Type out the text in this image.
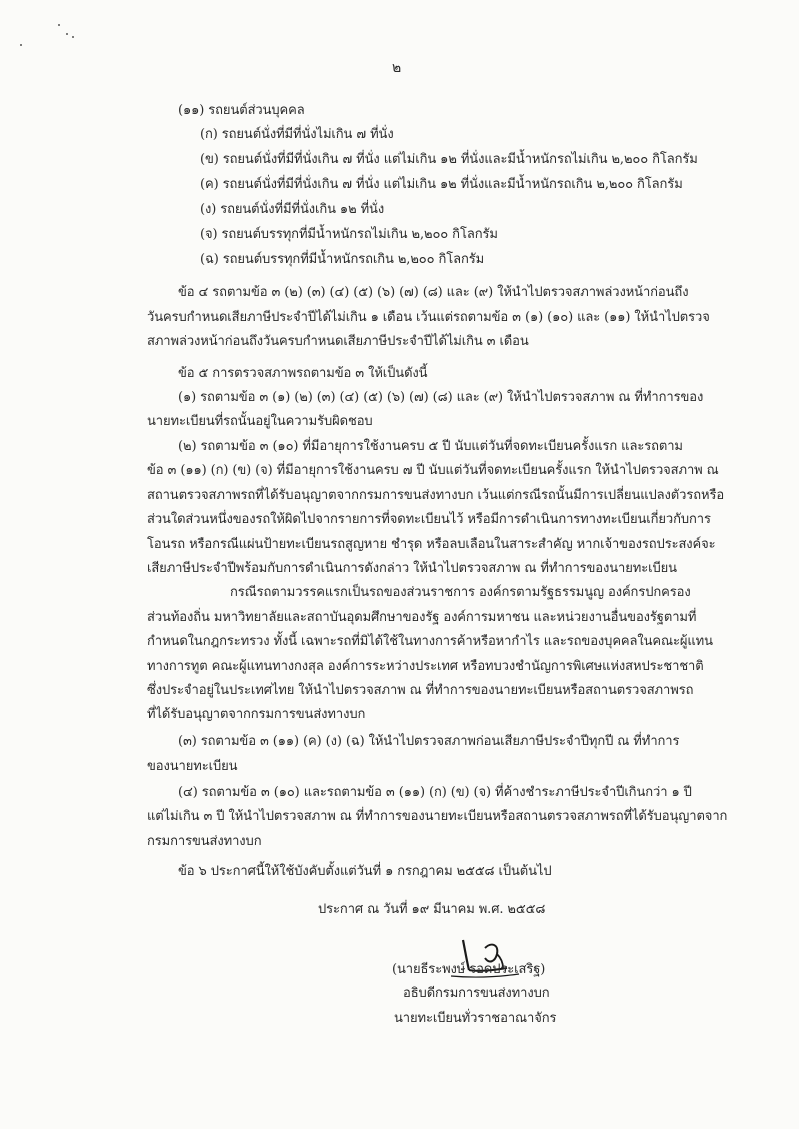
๒
(๑๑) รถยนต์ส่วนบุคคล
(ก) รถยนต์นั่งที่มีที่นั่งไม่เกิน ๗ ที่นั่ง
(ข) รถยนต์นั่งที่มีที่นั่งเกิน ๗ ที่นั่ง แต่ไม่เกิน ๑๒ ที่นั่งและมีน้ำหนักรถไม่เกิน ๒,๒๐๐ กิโลกรัม
(ค) รถยนต์นั่งที่มีที่นั่งเกิน ๗ ที่นั่ง แต่ไม่เกิน ๑๒ ที่นั่งและมีน้ำหนักรถเกิน ๒,๒๐๐ กิโลกรัม
(ง) รถยนต์นั่งที่มีที่นั่งเกิน ๑๒ ที่นั่ง
(จ) รถยนต์บรรทุกที่มีน้ำหนักรถไม่เกิน ๒,๒๐๐ กิโลกรัม
(ฉ) รถยนต์บรรทุกที่มีน้ำหนักรถเกิน ๒,๒๐๐ กิโลกรัม
ข้อ ๔ รถตามข้อ ๓ (๒) (๓) (๔) (๕) (๖) (๗) (๘) และ (๙) ให้นำไปตรวจสภาพล่วงหน้าก่อนถึง
วันครบกำหนดเสียภาษีประจำปีได้ไม่เกิน ๑ เดือน เว้นแต่รถตามข้อ ๓ (๑) (๑๐) และ (๑๑) ให้นำไปตรวจ
สภาพล่วงหน้าก่อนถึงวันครบกำหนดเสียภาษีประจำปีได้ไม่เกิน ๓ เดือน
ข้อ ๕ การตรวจสภาพรถตามข้อ ๓ ให้เป็นดังนี้
(๑) รถตามข้อ ๓ (๑) (๒) (๓) (๔) (๕) (๖) (๗) (๘) และ (๙) ให้นำไปตรวจสภาพ ณ ที่ทำการของ
นายทะเบียนที่รถนั้นอยู่ในความรับผิดชอบ
(๒) รถตามข้อ ๓ (๑๐) ที่มีอายุการใช้งานครบ ๕ ปี นับแต่วันที่จดทะเบียนครั้งแรก และรถตาม
ข้อ ๓ (๑๑) (ก) (ข) (จ) ที่มีอายุการใช้งานครบ ๗ ปี นับแต่วันที่จดทะเบียนครั้งแรก ให้นำไปตรวจสภาพ ณ
สถานตรวจสภาพรถที่ได้รับอนุญาตจากกรมการขนส่งทางบก เว้นแต่กรณีรถนั้นมีการเปลี่ยนแปลงตัวรถหรือ
ส่วนใดส่วนหนึ่งของรถให้ผิดไปจากรายการที่จดทะเบียนไว้ หรือมีการดำเนินการทางทะเบียนเกี่ยวกับการ
โอนรถ หรือกรณีแผ่นป้ายทะเบียนรถสูญหาย ชำรุด หรือลบเลือนในสาระสำคัญ หากเจ้าของรถประสงค์จะ
เสียภาษีประจำปีพร้อมกับการดำเนินการดังกล่าว ให้นำไปตรวจสภาพ ณ ที่ทำการของนายทะเบียน
กรณีรถตามวรรคแรกเป็นรถของส่วนราชการ องค์กรตามรัฐธรรมนูญ องค์กรปกครอง
ส่วนท้องถิ่น มหาวิทยาลัยและสถาบันอุดมศึกษาของรัฐ องค์การมหาชน และหน่วยงานอื่นของรัฐตามที่
กำหนดในกฎกระทรวง ทั้งนี้ เฉพาะรถที่มิได้ใช้ในทางการค้าหรือหากำไร และรถของบุคคลในคณะผู้แทน
ทางการทูต คณะผู้แทนทางกงสุล องค์การระหว่างประเทศ หรือทบวงชำนัญการพิเศษแห่งสหประชาชาติ
ซึ่งประจำอยู่ในประเทศไทย ให้นำไปตรวจสภาพ ณ ที่ทำการของนายทะเบียนหรือสถานตรวจสภาพรถ
ที่ได้รับอนุญาตจากกรมการขนส่งทางบก
(๓) รถตามข้อ ๓ (๑๑) (ค) (ง) (ฉ) ให้นำไปตรวจสภาพก่อนเสียภาษีประจำปีทุกปี ณ ที่ทำการ
ของนายทะเบียน
(๔) รถตามข้อ ๓ (๑๐) และรถตามข้อ ๓ (๑๑) (ก) (ข) (จ) ที่ค้างชำระภาษีประจำปีเกินกว่า ๑ ปี
แต่ไม่เกิน ๓ ปี ให้นำไปตรวจสภาพ ณ ที่ทำการของนายทะเบียนหรือสถานตรวจสภาพรถที่ได้รับอนุญาตจาก
กรมการขนส่งทางบก
ข้อ ๖ ประกาศนี้ให้ใช้บังคับตั้งแต่วันที่ ๑ กรกฎาคม ๒๕๕๘ เป็นต้นไป
ประกาศ ณ วันที่ ๑๙ มีนาคม พ.ศ. ๒๕๕๘
(นายธีระพงษ์ รอดประเสริฐ)
อธิบดีกรมการขนส่งทางบก
นายทะเบียนทั่วราชอาณาจักร
